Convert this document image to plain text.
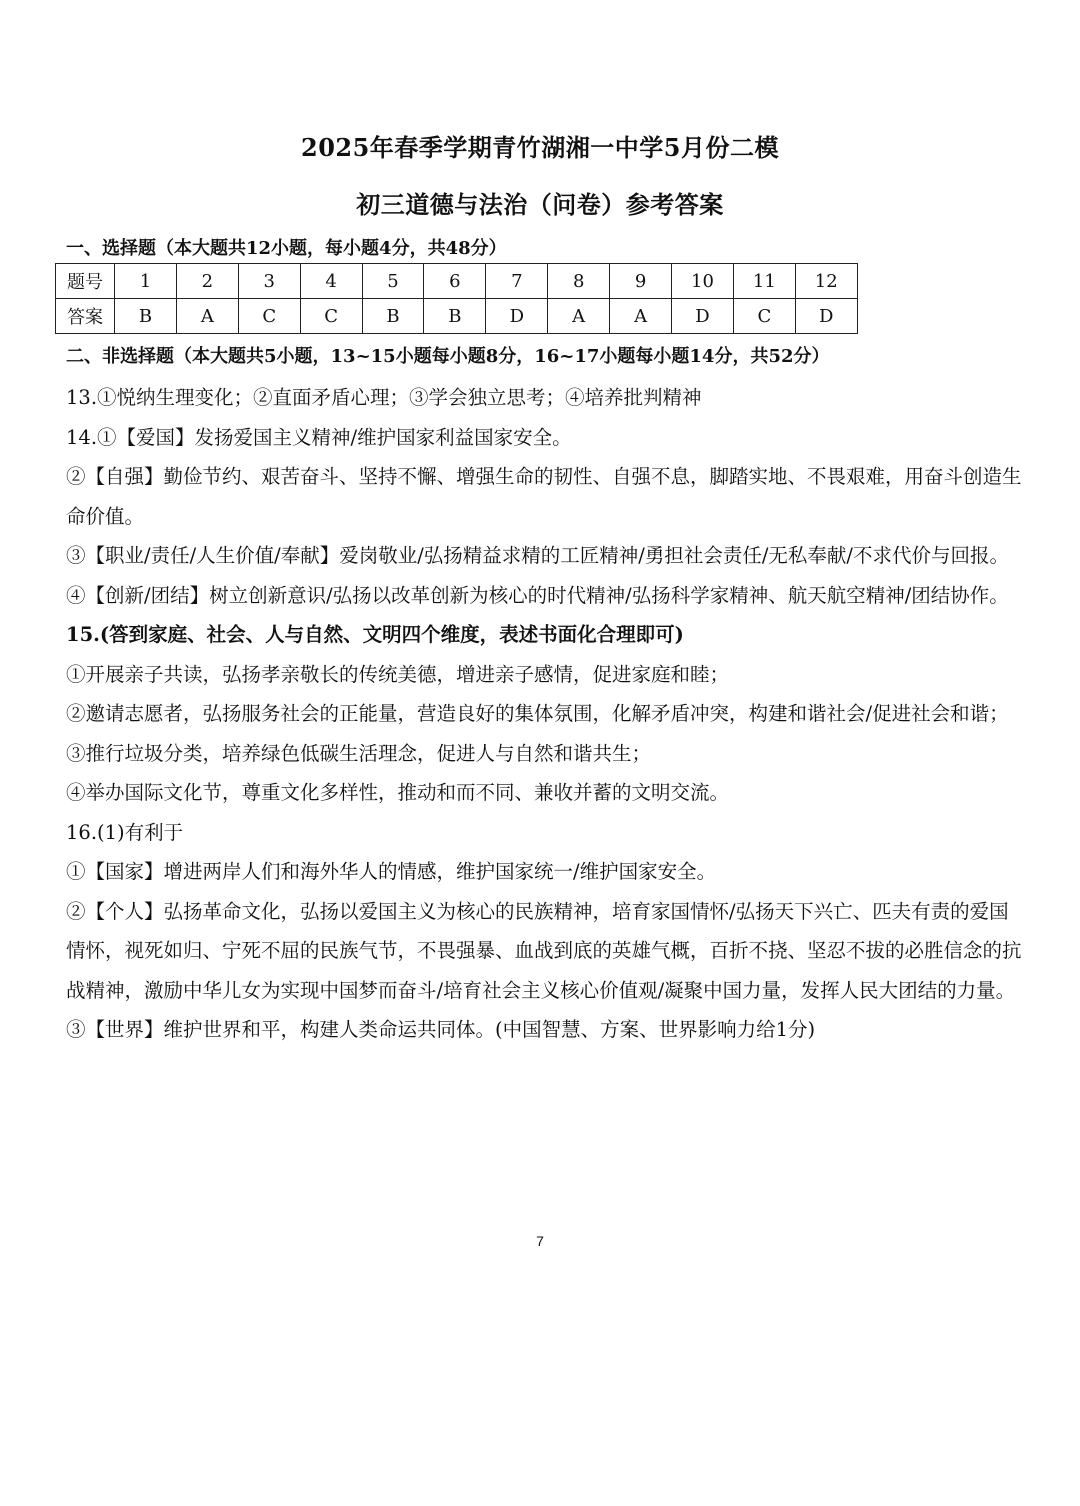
2025年春季学期青竹湖湘一中学5月份二模
初三道德与法治（问卷）参考答案
一、选择题（本大题共12小题，每小题4分，共48分）
题号	1	2	3	4	5	6	7	8	9	10	11	12
答案	B	A	C	C	B	B	D	A	A	D	C	D
二、非选择题（本大题共5小题，13~15小题每小题8分，16~17小题每小题14分，共52分）

13.①悦纳生理变化；②直面矛盾心理；③学会独立思考；④培养批判精神

14.①【爱国】发扬爱国主义精神/维护国家利益国家安全。

②【自强】勤俭节约、艰苦奋斗、坚持不懈、增强生命的韧性、自强不息，脚踏实地、不畏艰难，用奋斗创造生命价值。

③【职业/责任/人生价值/奉献】爱岗敬业/弘扬精益求精的工匠精神/勇担社会责任/无私奉献/不求代价与回报。

④【创新/团结】树立创新意识/弘扬以改革创新为核心的时代精神/弘扬科学家精神、航天航空精神/团结协作。

15.(答到家庭、社会、人与自然、文明四个维度，表述书面化合理即可)

①开展亲子共读，弘扬孝亲敬长的传统美德，增进亲子感情，促进家庭和睦；

②邀请志愿者，弘扬服务社会的正能量，营造良好的集体氛围，化解矛盾冲突，构建和谐社会/促进社会和谐；

③推行垃圾分类，培养绿色低碳生活理念，促进人与自然和谐共生；

④举办国际文化节，尊重文化多样性，推动和而不同、兼收并蓄的文明交流。

16.(1)有利于

①【国家】增进两岸人们和海外华人的情感，维护国家统一/维护国家安全。

②【个人】弘扬革命文化，弘扬以爱国主义为核心的民族精神，培育家国情怀/弘扬天下兴亡、匹夫有责的爱国情怀，视死如归、宁死不屈的民族气节，不畏强暴、血战到底的英雄气概，百折不挠、坚忍不拔的必胜信念的抗战精神，激励中华儿女为实现中国梦而奋斗/培育社会主义核心价值观/凝聚中国力量，发挥人民大团结的力量。

③【世界】维护世界和平，构建人类命运共同体。(中国智慧、方案、世界影响力给1分)

7
